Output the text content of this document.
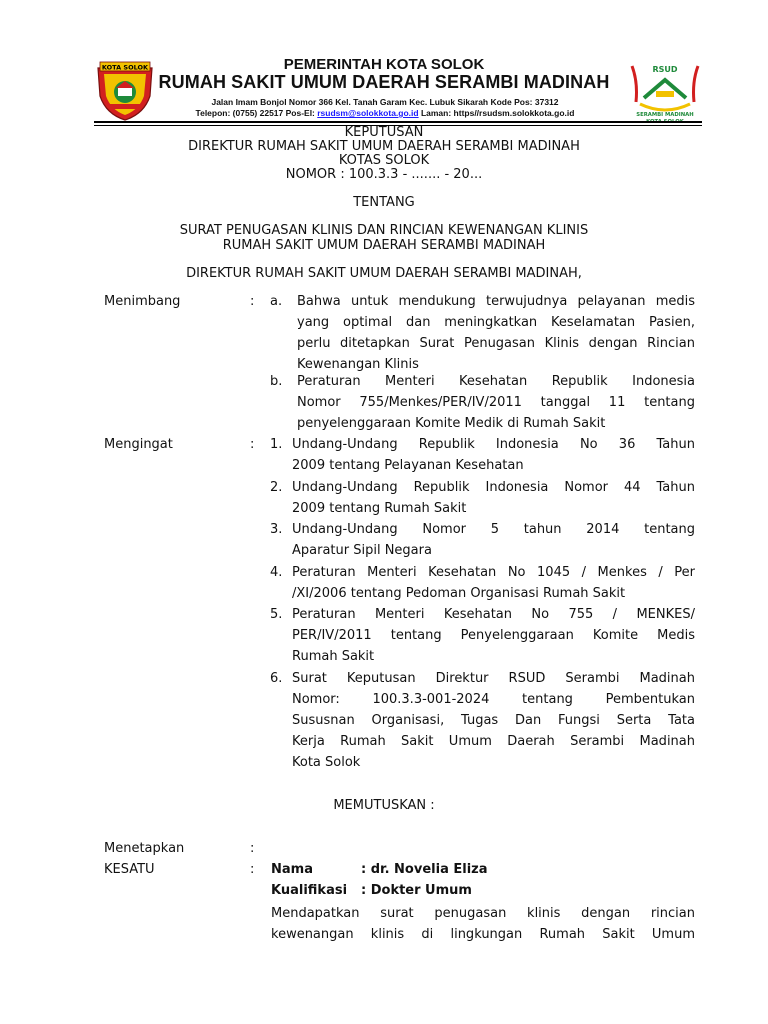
KOTA SOLOK	RSUD
SERAMBI MADINAH
KOTA SOLOK
PEMERINTAH KOTA SOLOK
RUMAH SAKIT UMUM DAERAH SERAMBI MADINAH
Jalan Imam Bonjol Nomor 366 Kel. Tanah Garam Kec. Lubuk Sikarah Kode Pos: 37312
Telepon: (0755) 22517 Pos-El: rsudsm@solokkota.go.id Laman: https//rsudsm.solokkota.go.id
KEPUTUSAN
DIREKTUR RUMAH SAKIT UMUM DAERAH SERAMBI MADINAH
KOTAS SOLOK
NOMOR : 100.3.3 - ....... - 20...
TENTANG
SURAT PENUGASAN KLINIS DAN RINCIAN KEWENANGAN KLINIS
RUMAH SAKIT UMUM DAERAH SERAMBI MADINAH
DIREKTUR RUMAH SAKIT UMUM DAERAH SERAMBI MADINAH,
Menimbang	: a. Bahwa untuk mendukung terwujudnya pelayanan medis
yang optimal dan meningkatkan Keselamatan Pasien,
perlu ditetapkan Surat Penugasan Klinis dengan Rincian
Kewenangan Klinis
b. Peraturan Menteri Kesehatan Republik Indonesia
Nomor 755/Menkes/PER/IV/2011 tanggal 11 tentang
penyelenggaraan Komite Medik di Rumah Sakit
Mengingat	: 1. Undang-Undang Republik Indonesia No 36 Tahun
2009 tentang Pelayanan Kesehatan
2. Undang-Undang Republik Indonesia Nomor 44 Tahun
2009 tentang Rumah Sakit
3. Undang-Undang Nomor 5 tahun 2014 tentang
Aparatur Sipil Negara
4. Peraturan Menteri Kesehatan No 1045 / Menkes / Per
/XI/2006 tentang Pedoman Organisasi Rumah Sakit
5. Peraturan Menteri Kesehatan No 755 / MENKES/
PER/IV/2011 tentang Penyelenggaraan Komite Medis
Rumah Sakit
6. Surat Keputusan Direktur RSUD Serambi Madinah
Nomor: 100.3.3-001-2024 tentang Pembentukan
Sususnan Organisasi, Tugas Dan Fungsi Serta Tata
Kerja Rumah Sakit Umum Daerah Serambi Madinah
Kota Solok
MEMUTUSKAN :
Menetapkan	:
KESATU	: Nama	: dr. Novelia Eliza
Kualifikasi : Dokter Umum
Mendapatkan surat penugasan klinis dengan rincian
kewenangan klinis di lingkungan Rumah Sakit Umum
